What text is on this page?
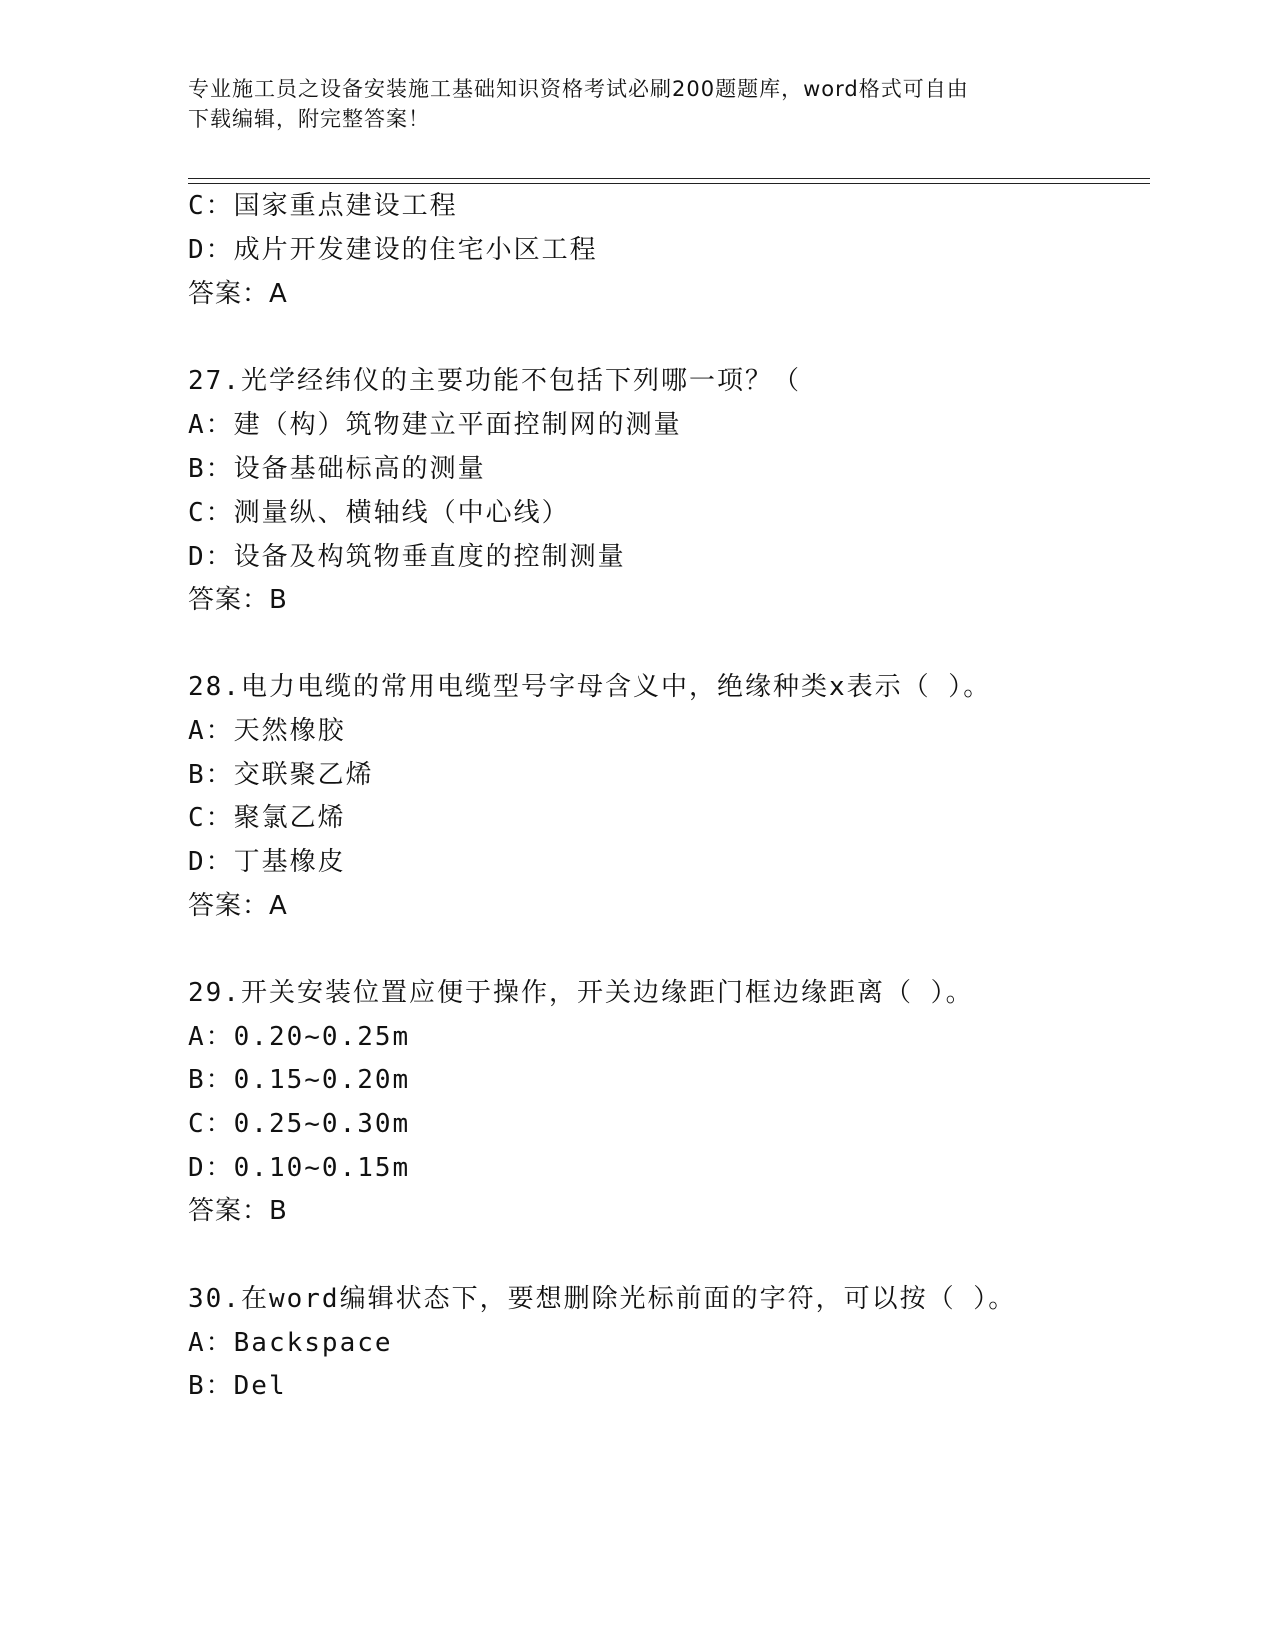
专业施工员之设备安装施工基础知识资格考试必刷200题题库，word格式可自由
下载编辑，附完整答案！
C：国家重点建设工程
D：成片开发建设的住宅小区工程
答案：A
27.光学经纬仪的主要功能不包括下列哪一项？（
A：建（构）筑物建立平面控制网的测量
B：设备基础标高的测量
C：测量纵、横轴线（中心线）
D：设备及构筑物垂直度的控制测量
答案：B
28.电力电缆的常用电缆型号字母含义中，绝缘种类x表示（ ）。
A：天然橡胶
B：交联聚乙烯
C：聚氯乙烯
D：丁基橡皮
答案：A
29.开关安装位置应便于操作，开关边缘距门框边缘距离（ ）。
A：0.20~0.25m
B：0.15~0.20m
C：0.25~0.30m
D：0.10~0.15m
答案：B
30.在word编辑状态下，要想删除光标前面的字符，可以按（ ）。
A：Backspace
B：Del
